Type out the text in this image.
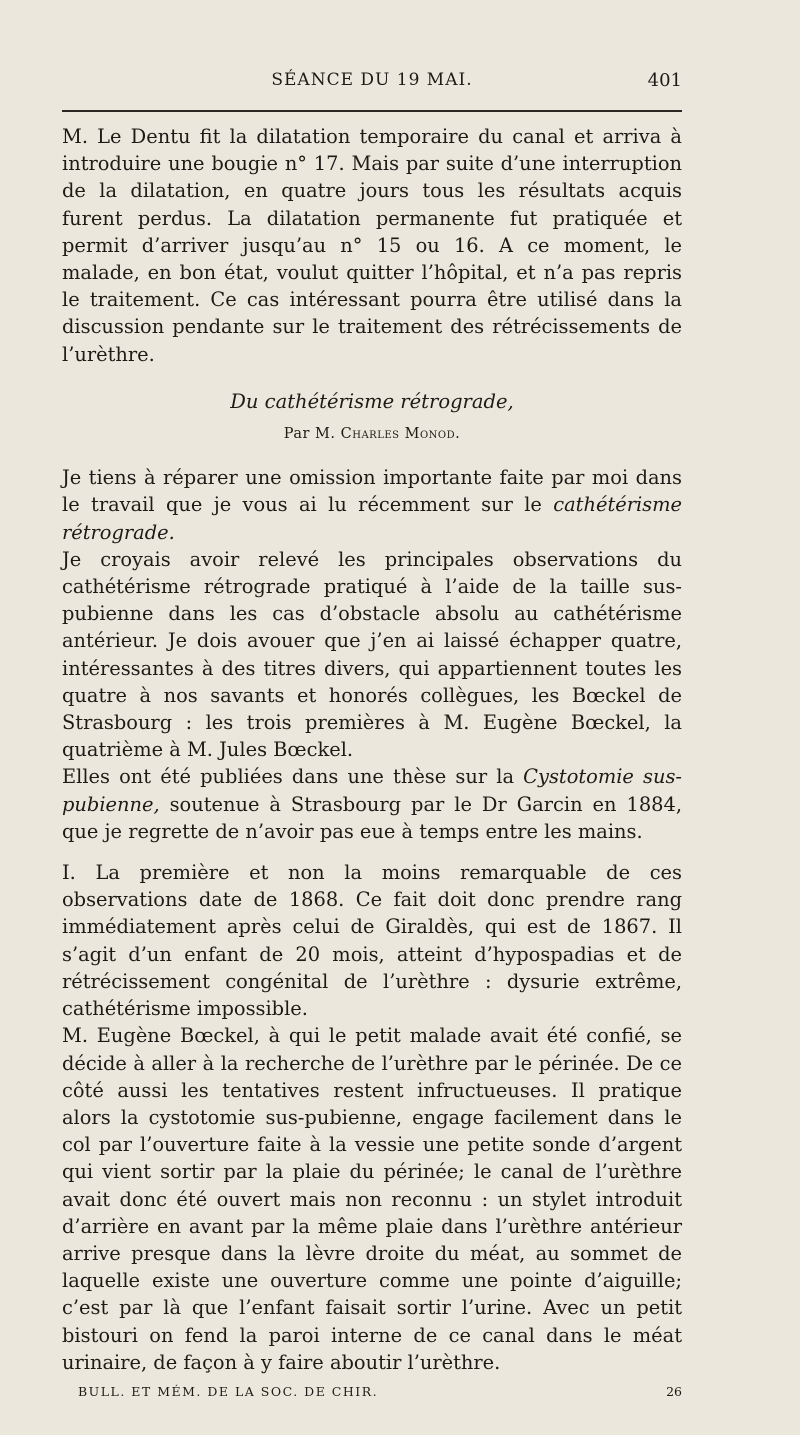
SÉANCE DU 19 MAI.	401

M. Le Dentu fit la dilatation temporaire du canal et arriva à introduire une bougie n° 17. Mais par suite d’une interruption de la dilatation, en quatre jours tous les résultats acquis furent perdus. La dilatation permanente fut pratiquée et permit d’arriver jusqu’au n° 15 ou 16. A ce moment, le malade, en bon état, voulut quitter l’hôpital, et n’a pas repris le traitement. Ce cas intéressant pourra être utilisé dans la discussion pendante sur le traitement des rétrécissements de l’urèthre.

Du cathétérisme rétrograde,
Par M. Charles Monod.

Je tiens à réparer une omission importante faite par moi dans le travail que je vous ai lu récemment sur le cathétérisme rétrograde.

Je croyais avoir relevé les principales observations du cathétérisme rétrograde pratiqué à l’aide de la taille sus-pubienne dans les cas d’obstacle absolu au cathétérisme antérieur. Je dois avouer que j’en ai laissé échapper quatre, intéressantes à des titres divers, qui appartiennent toutes les quatre à nos savants et honorés collègues, les Bœckel de Strasbourg : les trois premières à M. Eugène Bœckel, la quatrième à M. Jules Bœckel.

Elles ont été publiées dans une thèse sur la Cystotomie sus-pubienne, soutenue à Strasbourg par le Dr Garcin en 1884, que je regrette de n’avoir pas eue à temps entre les mains.

I. La première et non la moins remarquable de ces observations date de 1868. Ce fait doit donc prendre rang immédiatement après celui de Giraldès, qui est de 1867. Il s’agit d’un enfant de 20 mois, atteint d’hypospadias et de rétrécissement congénital de l’urèthre : dysurie extrême, cathétérisme impossible.

M. Eugène Bœckel, à qui le petit malade avait été confié, se décide à aller à la recherche de l’urèthre par le périnée. De ce côté aussi les tentatives restent infructueuses. Il pratique alors la cystotomie sus-pubienne, engage facilement dans le col par l’ouverture faite à la vessie une petite sonde d’argent qui vient sortir par la plaie du périnée; le canal de l’urèthre avait donc été ouvert mais non reconnu : un stylet introduit d’arrière en avant par la même plaie dans l’urèthre antérieur arrive presque dans la lèvre droite du méat, au sommet de laquelle existe une ouverture comme une pointe d’aiguille; c’est par là que l’enfant faisait sortir l’urine. Avec un petit bistouri on fend la paroi interne de ce canal dans le méat urinaire, de façon à y faire aboutir l’urèthre.

BULL. ET MÉM. DE LA SOC. DE CHIR.	26
